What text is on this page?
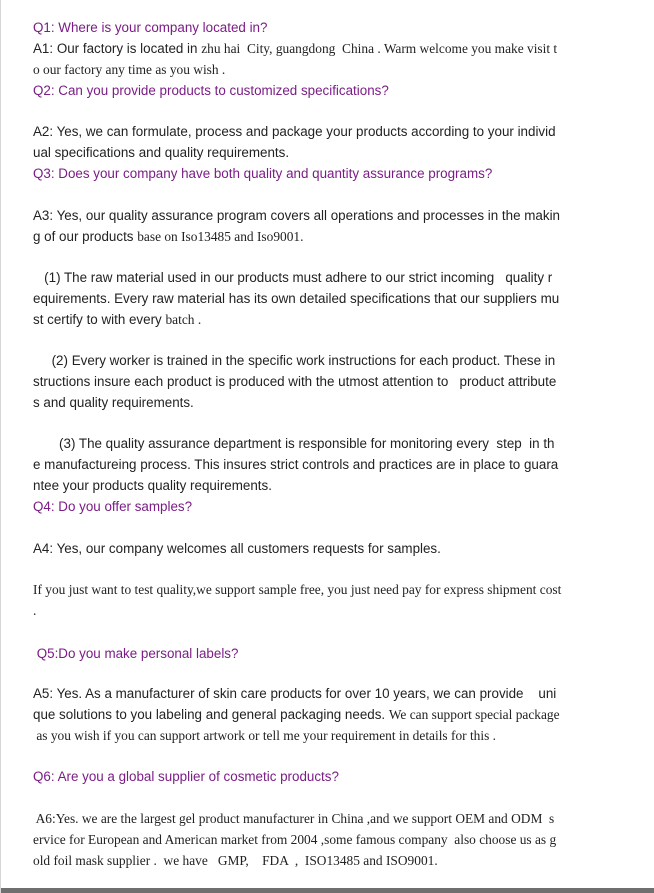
Q1: Where is your company located in?
A1: Our factory is located in zhu hai  City, guangdong  China . Warm welcome you make visit t
o our factory any time as you wish .
Q2: Can you provide products to customized specifications?
A2: Yes, we can formulate, process and package your products according to your individ
ual specifications and quality requirements.
Q3: Does your company have both quality and quantity assurance programs?
A3: Yes, our quality assurance program covers all operations and processes in the makin
g of our products base on Iso13485 and Iso9001.
(1) The raw material used in our products must adhere to our strict incoming   quality r
equirements. Every raw material has its own detailed specifications that our suppliers mu
st certify to with every batch .
(2) Every worker is trained in the specific work instructions for each product. These in
structions insure each product is produced with the utmost attention to   product attribute
s and quality requirements.
(3) The quality assurance department is responsible for monitoring every  step  in th
e manufactureing process. This insures strict controls and practices are in place to guara
ntee your products quality requirements.
Q4: Do you offer samples?
A4: Yes, our company welcomes all customers requests for samples.
If you just want to test quality,we support sample free, you just need pay for express shipment cost
.
Q5:Do you make personal labels?
A5: Yes. As a manufacturer of skin care products for over 10 years, we can provide    uni
que solutions to you labeling and general packaging needs. We can support special package
as you wish if you can support artwork or tell me your requirement in details for this .
Q6: Are you a global supplier of cosmetic products?
A6:Yes. we are the largest gel product manufacturer in China ,and we support OEM and ODM  s
ervice for European and American market from 2004 ,some famous company  also choose us as g
old foil mask supplier .  we have   GMP,    FDA  ,  ISO13485 and ISO9001.
